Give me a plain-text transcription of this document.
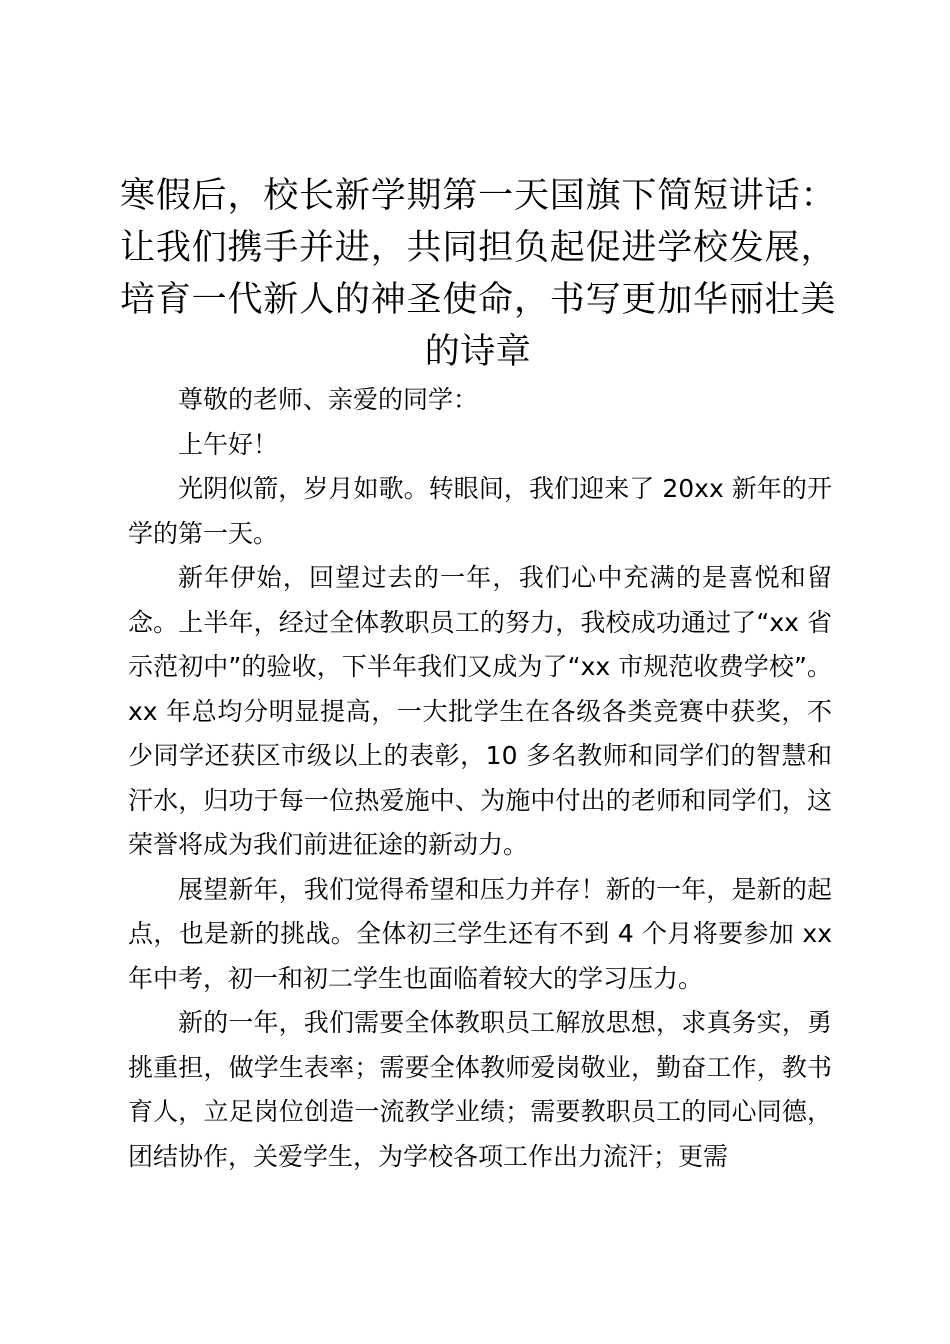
寒假后，校长新学期第一天国旗下简短讲话：让我们携手并进，共同担负起促进学校发展，培育一代新人的神圣使命，书写更加华丽壮美的诗章

尊敬的老师、亲爱的同学：

上午好！

光阴似箭，岁月如歌。转眼间，我们迎来了 20xx 新年的开学的第一天。

新年伊始，回望过去的一年，我们心中充满的是喜悦和留念。上半年，经过全体教职员工的努力，我校成功通过了“xx 省示范初中”的验收，下半年我们又成为了“xx 市规范收费学校”。xx 年总均分明显提高，一大批学生在各级各类竞赛中获奖，不少同学还获区市级以上的表彰，10 多名教师和同学们的智慧和汗水，归功于每一位热爱施中、为施中付出的老师和同学们，这荣誉将成为我们前进征途的新动力。

展望新年，我们觉得希望和压力并存！新的一年，是新的起点，也是新的挑战。全体初三学生还有不到 4 个月将要参加 xx 年中考，初一和初二学生也面临着较大的学习压力。

新的一年，我们需要全体教职员工解放思想，求真务实，勇挑重担，做学生表率；需要全体教师爱岗敬业，勤奋工作，教书育人，立足岗位创造一流教学业绩；需要教职员工的同心同德，团结协作，关爱学生，为学校各项工作出力流汗；更需
